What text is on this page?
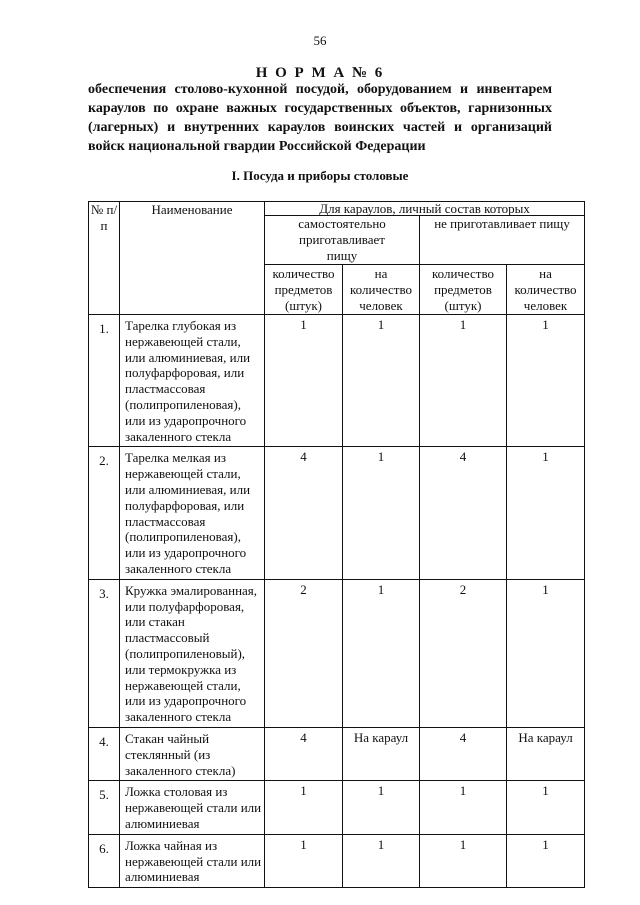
56
Н О Р М А № 6
обеспечения столово-кухонной посудой, оборудованием и инвентарем караулов по охране важных государственных объектов, гарнизонных (лагерных) и внутренних караулов воинских частей и организаций войск национальной гвардии Российской Федерации
I. Посуда и приборы столовые
№ п/п	Наименование	Для караулов, личный состав которых			
		самостоятельно приготавливает пищу		не приготавливает пищу	
		количество предметов (штук)	на количество человек	количество предметов (штук)	на количество человек
1.	Тарелка глубокая из нержавеющей стали, или алюминиевая, или полуфарфоровая, или пластмассовая (полипропиленовая), или из ударопрочного закаленного стекла	1	1	1	1
2.	Тарелка мелкая из нержавеющей стали, или алюминиевая, или полуфарфоровая, или пластмассовая (полипропиленовая), или из ударопрочного закаленного стекла	4	1	4	1
3.	Кружка эмалированная, или полуфарфоровая, или стакан пластмассовый (полипропиленовый), или термокружка из нержавеющей стали, или из ударопрочного закаленного стекла	2	1	2	1
4.	Стакан чайный стеклянный (из закаленного стекла)	4	На караул	4	На караул
5.	Ложка столовая из нержавеющей стали или алюминиевая	1	1	1	1
6.	Ложка чайная из нержавеющей стали или алюминиевая	1	1	1	1
